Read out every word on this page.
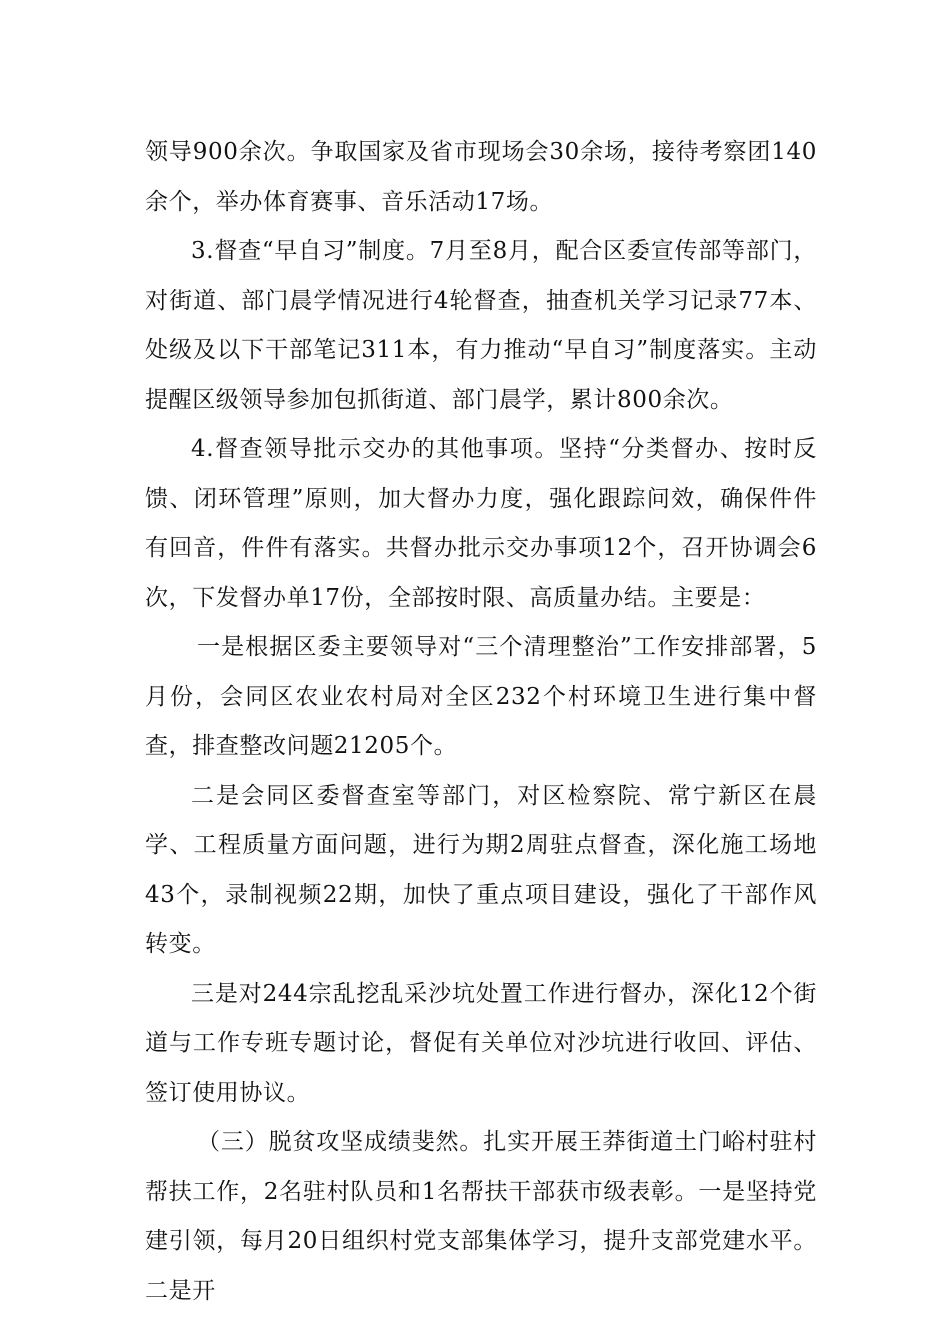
领导900余次。争取国家及省市现场会30余场，接待考察团140余个，举办体育赛事、音乐活动17场。

3.督查“早自习”制度。7月至8月，配合区委宣传部等部门，对街道、部门晨学情况进行4轮督查，抽查机关学习记录77本、处级及以下干部笔记311本，有力推动“早自习”制度落实。主动提醒区级领导参加包抓街道、部门晨学，累计800余次。

4.督查领导批示交办的其他事项。坚持“分类督办、按时反馈、闭环管理”原则，加大督办力度，强化跟踪问效，确保件件有回音，件件有落实。共督办批示交办事项12个，召开协调会6次，下发督办单17份，全部按时限、高质量办结。主要是：

一是根据区委主要领导对“三个清理整治”工作安排部署，5月份，会同区农业农村局对全区232个村环境卫生进行集中督查，排查整改问题21205个。

二是会同区委督查室等部门，对区检察院、常宁新区在晨学、工程质量方面问题，进行为期2周驻点督查，深化施工场地43个，录制视频22期，加快了重点项目建设，强化了干部作风转变。

三是对244宗乱挖乱采沙坑处置工作进行督办，深化12个街道与工作专班专题讨论，督促有关单位对沙坑进行收回、评估、签订使用协议。

（三）脱贫攻坚成绩斐然。扎实开展王莽街道土门峪村驻村帮扶工作，2名驻村队员和1名帮扶干部获市级表彰。一是坚持党建引领，每月20日组织村党支部集体学习，提升支部党建水平。二是开
